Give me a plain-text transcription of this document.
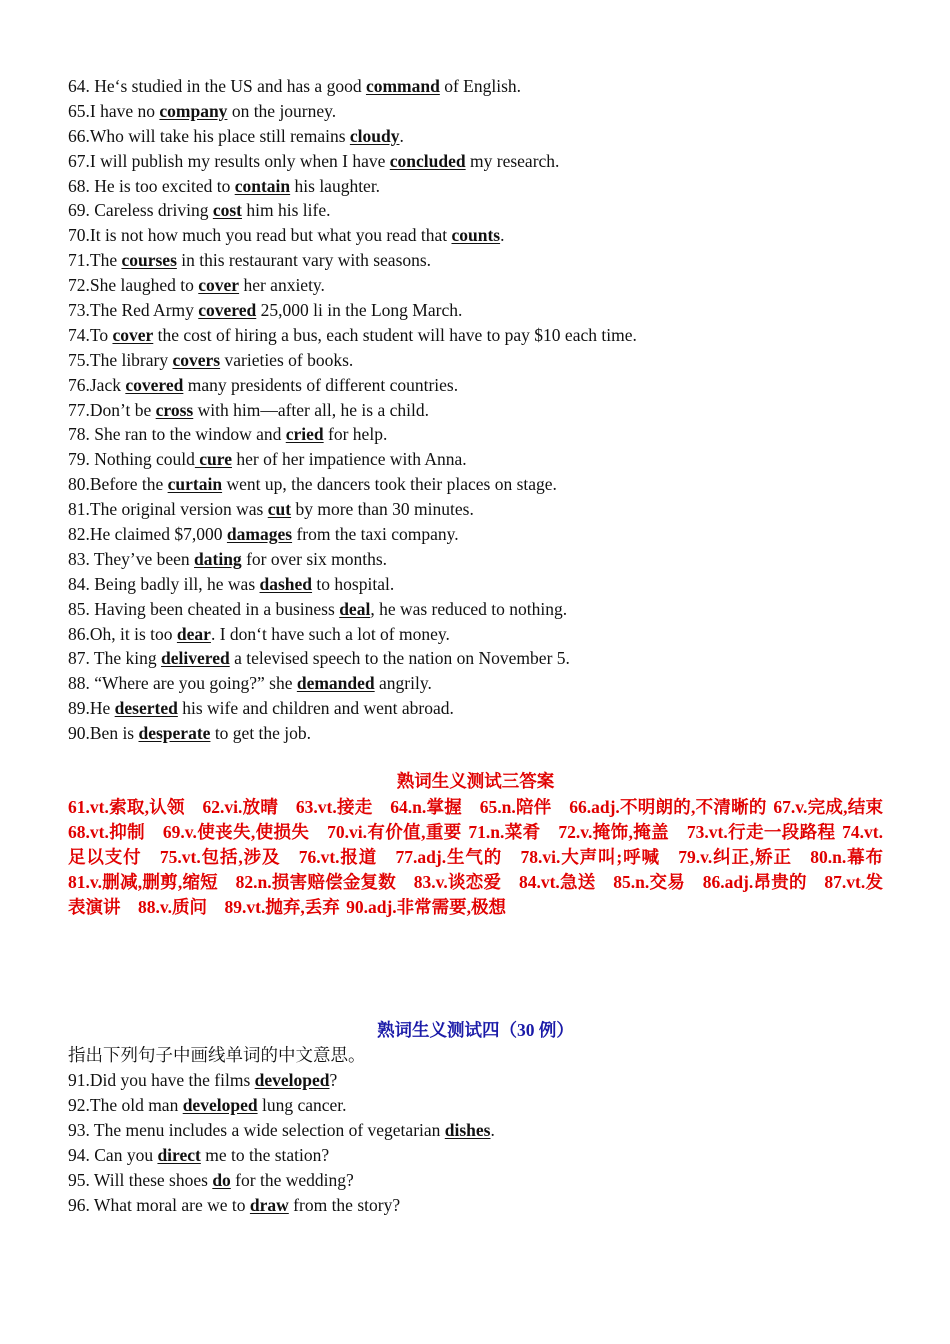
64. He‘s studied in the US and has a good command of English.
65.I have no company on the journey.
66.Who will take his place still remains cloudy.
67.I will publish my results only when I have concluded my research.
68. He is too excited to contain his laughter.
69. Careless driving cost him his life.
70.It is not how much you read but what you read that counts.
71.The courses in this restaurant vary with seasons.
72.She laughed to cover her anxiety.
73.The Red Army covered 25,000 li in the Long March.
74.To cover the cost of hiring a bus, each student will have to pay $10 each time.
75.The library covers varieties of books.
76.Jack covered many presidents of different countries.
77.Don’t be cross with him—after all, he is a child.
78. She ran to the window and cried for help.
79. Nothing could cure her of her impatience with Anna.
80.Before the curtain went up, the dancers took their places on stage.
81.The original version was cut by more than 30 minutes.
82.He claimed $7,000 damages from the taxi company.
83. They’ve been dating for over six months.
84. Being badly ill, he was dashed to hospital.
85. Having been cheated in a business deal, he was reduced to nothing.
86.Oh, it is too dear. I don‘t have such a lot of money.
87. The king delivered a televised speech to the nation on November 5.
88. “Where are you going?” she demanded angrily.
89.He deserted his wife and children and went abroad.
90.Ben is desperate to get the job.
熟词生义测试三答案
61.vt.索取,认领　62.vi.放晴　63.vt.接走　64.n.掌握　65.n.陪伴　66.adj.不明朗的,不清晰的 67.v.完成,结束　68.vt.抑制　69.v.使丧失,使损失　70.vi.有价值,重要 71.n.菜肴　72.v.掩饰,掩盖　73.vt.行走一段路程 74.vt.足以支付　75.vt.包括,涉及　76.vt.报道　77.adj.生气的　78.vi.大声叫;呼喊　79.v.纠正,矫正　80.n.幕布　81.v.删减,删剪,缩短　82.n.损害赔偿金复数　83.v.谈恋爱　84.vt.急送　85.n.交易　86.adj.昂贵的　87.vt.发表演讲　88.v.质问　89.vt.抛弃,丢弃 90.adj.非常需要,极想
熟词生义测试四（30 例）
指出下列句子中画线单词的中文意思。
91.Did you have the films developed?
92.The old man developed lung cancer.
93. The menu includes a wide selection of vegetarian dishes.
94. Can you direct me to the station?
95. Will these shoes do for the wedding?
96. What moral are we to draw from the story?
